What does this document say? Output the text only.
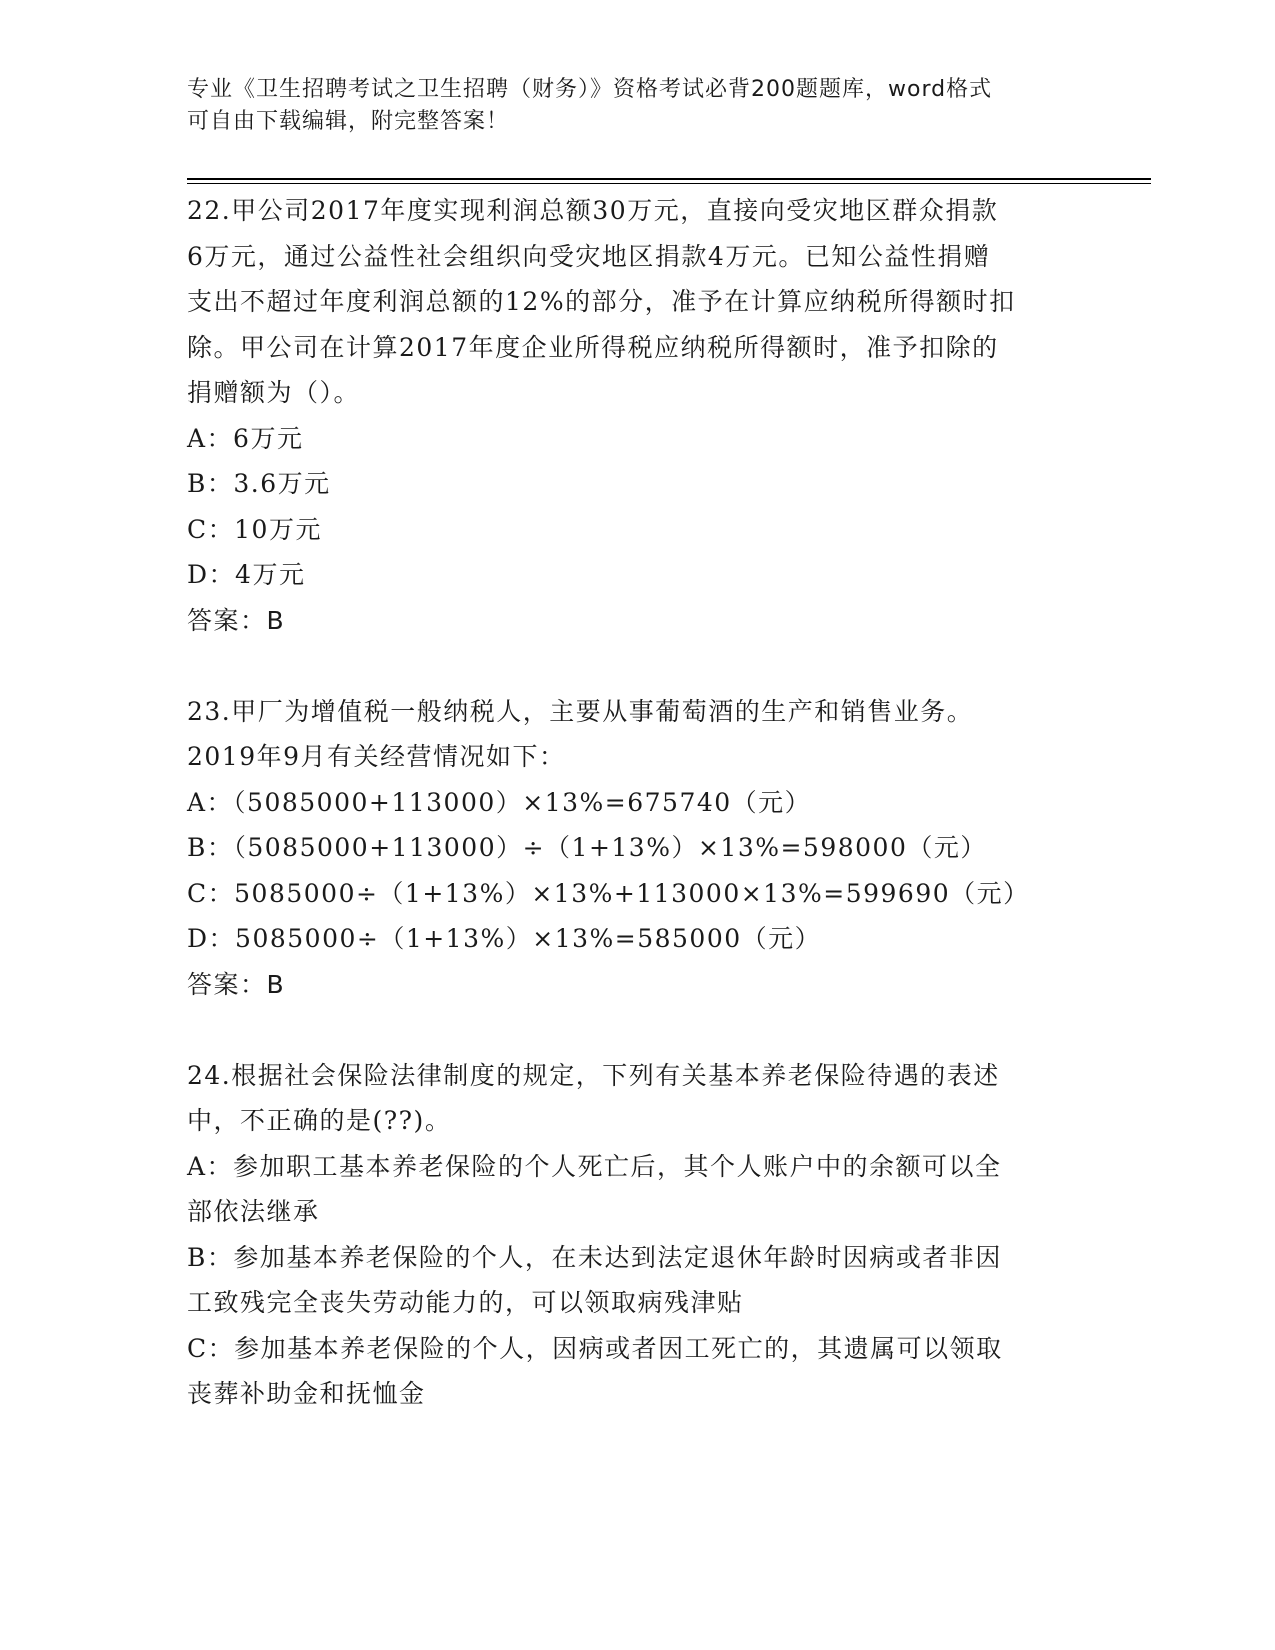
专业《卫生招聘考试之卫生招聘（财务）》资格考试必背200题题库，word格式
可自由下载编辑，附完整答案！
22.甲公司2017年度实现利润总额30万元，直接向受灾地区群众捐款
6万元，通过公益性社会组织向受灾地区捐款4万元。已知公益性捐赠
支出不超过年度利润总额的12%的部分，准予在计算应纳税所得额时扣
除。甲公司在计算2017年度企业所得税应纳税所得额时，准予扣除的
捐赠额为（）。
A：6万元
B：3.6万元
C：10万元
D：4万元
答案：B
23.甲厂为增值税一般纳税人，主要从事葡萄酒的生产和销售业务。
2019年9月有关经营情况如下：
A：（5085000+113000）×13%=675740（元）
B：（5085000+113000）÷（1+13%）×13%=598000（元）
C：5085000÷（1+13%）×13%+113000×13%=599690（元）
D：5085000÷（1+13%）×13%=585000（元）
答案：B
24.根据社会保险法律制度的规定，下列有关基本养老保险待遇的表述
中，不正确的是(??)。
A：参加职工基本养老保险的个人死亡后，其个人账户中的余额可以全
部依法继承
B：参加基本养老保险的个人，在未达到法定退休年龄时因病或者非因
工致残完全丧失劳动能力的，可以领取病残津贴
C：参加基本养老保险的个人，因病或者因工死亡的，其遗属可以领取
丧葬补助金和抚恤金
